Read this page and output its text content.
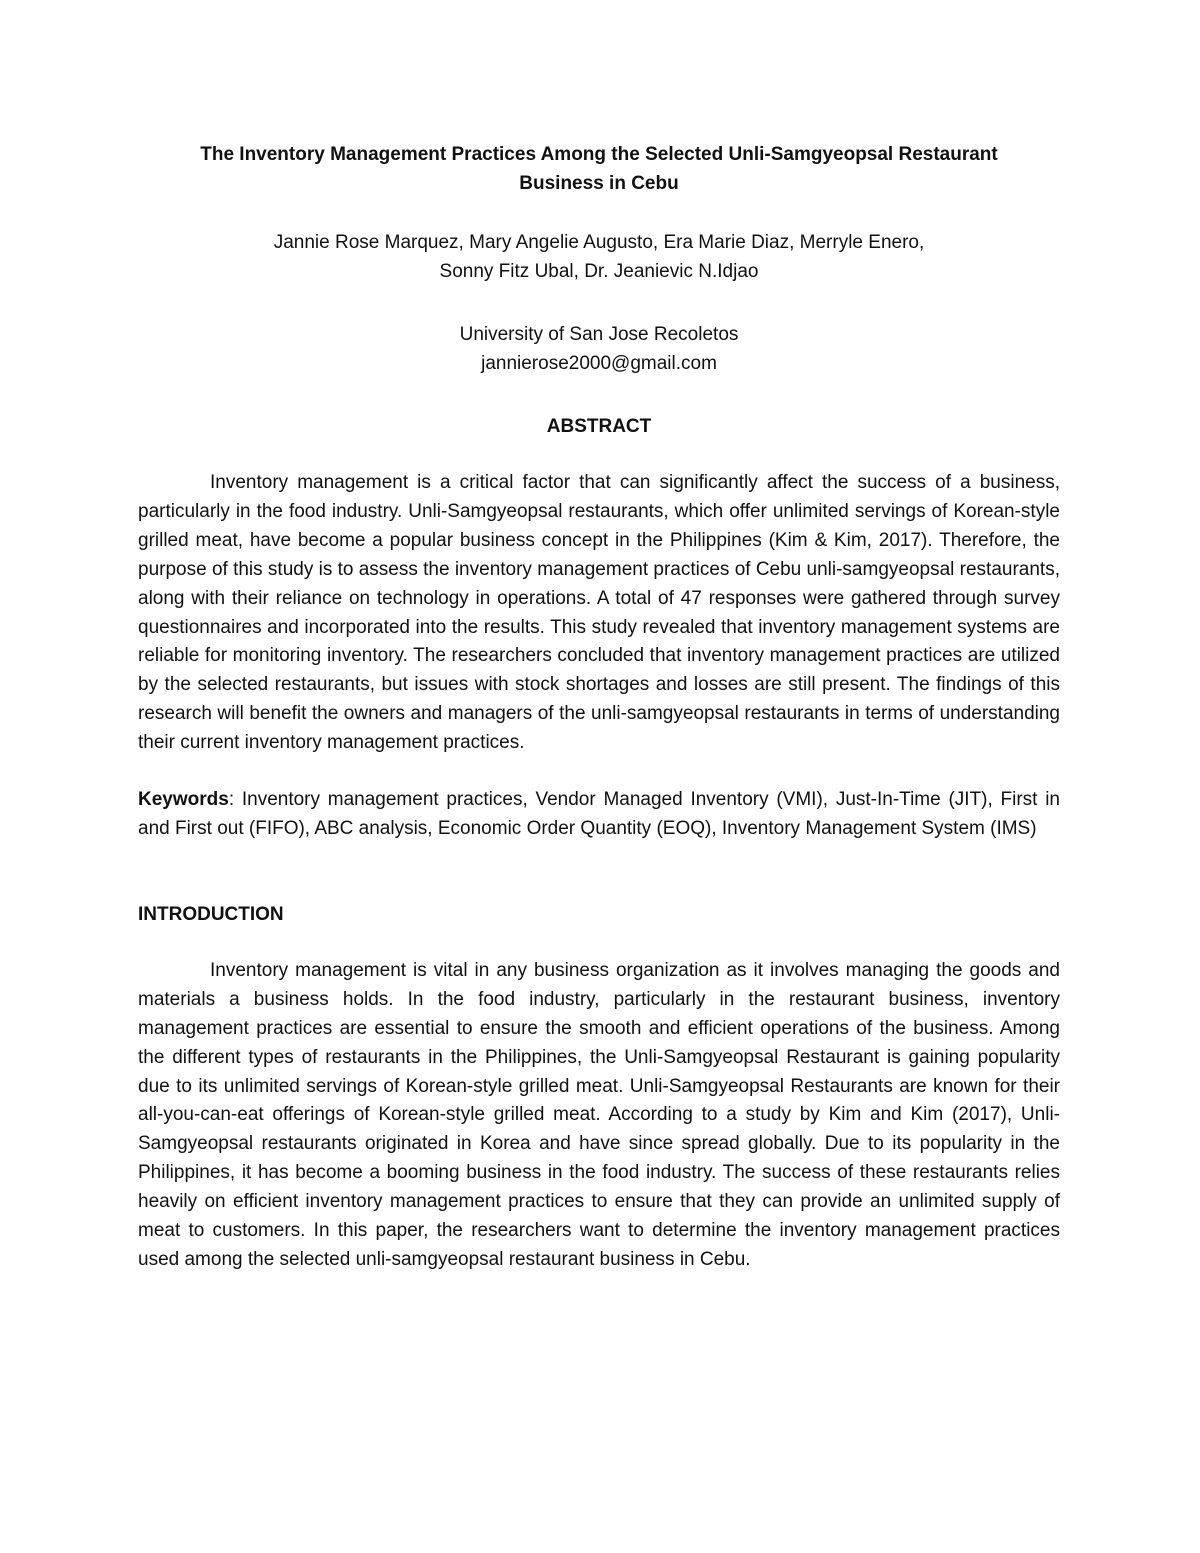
The Inventory Management Practices Among the Selected Unli-Samgyeopsal Restaurant
Business in Cebu
Jannie Rose Marquez, Mary Angelie Augusto, Era Marie Diaz, Merryle Enero,
Sonny Fitz Ubal, Dr. Jeanievic N.Idjao
University of San Jose Recoletos
jannierose2000@gmail.com
ABSTRACT

Inventory management is a critical factor that can significantly affect the success of a business, particularly in the food industry. Unli-Samgyeopsal restaurants, which offer unlimited servings of Korean-style grilled meat, have become a popular business concept in the Philippines (Kim & Kim, 2017). Therefore, the purpose of this study is to assess the inventory management practices of Cebu unli-samgyeopsal restaurants, along with their reliance on technology in operations. A total of 47 responses were gathered through survey questionnaires and incorporated into the results. This study revealed that inventory management systems are reliable for monitoring inventory. The researchers concluded that inventory management practices are utilized by the selected restaurants, but issues with stock shortages and losses are still present. The findings of this research will benefit the owners and managers of the unli-samgyeopsal restaurants in terms of understanding their current inventory management practices.

Keywords: Inventory management practices, Vendor Managed Inventory (VMI), Just-In-Time (JIT), First in and First out (FIFO), ABC analysis, Economic Order Quantity (EOQ), Inventory Management System (IMS)

INTRODUCTION

Inventory management is vital in any business organization as it involves managing the goods and materials a business holds. In the food industry, particularly in the restaurant business, inventory management practices are essential to ensure the smooth and efficient operations of the business. Among the different types of restaurants in the Philippines, the Unli-Samgyeopsal Restaurant is gaining popularity due to its unlimited servings of Korean-style grilled meat. Unli-Samgyeopsal Restaurants are known for their all-you-can-eat offerings of Korean-style grilled meat. According to a study by Kim and Kim (2017), Unli-Samgyeopsal restaurants originated in Korea and have since spread globally. Due to its popularity in the Philippines, it has become a booming business in the food industry. The success of these restaurants relies heavily on efficient inventory management practices to ensure that they can provide an unlimited supply of meat to customers. In this paper, the researchers want to determine the inventory management practices used among the selected unli-samgyeopsal restaurant business in Cebu.
